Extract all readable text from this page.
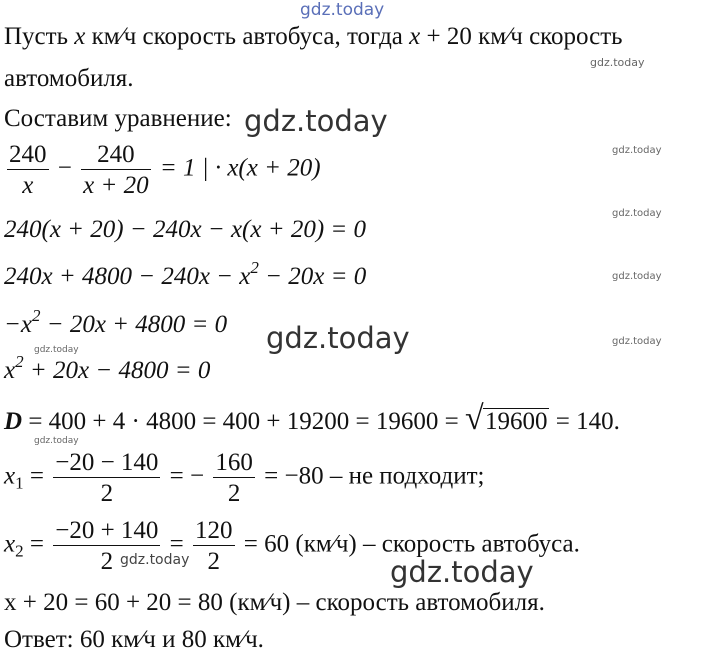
gdz.today
gdz.today
gdz.today
gdz.today
gdz.today
gdz.today
gdz.today	gdz.today
gdz.today
gdz.today
gdz.today	gdz.today
Пусть x км⁄ч скорость автобуса, тогда x + 20 км⁄ч скорость
автомобиля.
Составим уравнение:
$\frac{240}{x} - \frac{240}{x + 20} = 1$ | · x(x + 20)
240(x + 20) − 240x − x(x + 20) = 0
$240x + 4800 - 240x - x^2 - 20x = 0$
$-x^2 - 20x + 4800 = 0$
$x^2 + 20x - 4800 = 0$
D = 400 + 4 · 4800 = 400 + 19200 = 19600 = √ 19600 = 140.
$x_1 = \frac{-20 - 140}{2}$ = − $\frac{160}{2} = -80$ – не подходит;
$x_2 = \frac{-20 + 140}{2} = \frac{120}{2} = 60$ (км⁄ч) – скорость автобуса.
x + 20 = 60 + 20 = 80 (км⁄ч) – скорость автомобиля.
Ответ: 60 км⁄ч и 80 км⁄ч.
